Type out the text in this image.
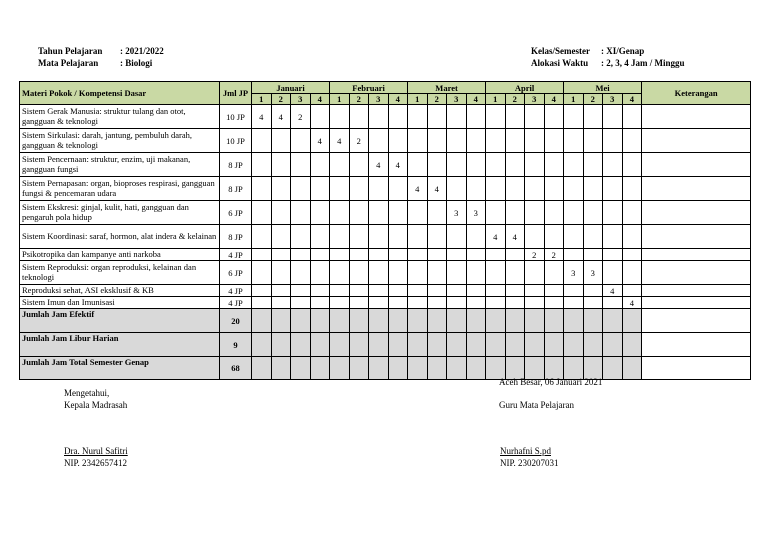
Tahun Pelajaran : 2021/2022
Mata Pelajaran : Biologi
Kelas/Semester : XI/Genap
Alokasi Waktu : 2, 3, 4 Jam / Minggu
Materi Pokok / Kompetensi Dasar	Jml JP	Januari				Februari				Maret				April				Mei				Keterangan
		1	2	3	4	1	2	3	4	1	2	3	4	1	2	3	4	1	2	3	4	
Sistem Gerak Manusia: struktur tulang dan otot, gangguan & teknologi	10 JP	4	4	2																		
Sistem Sirkulasi: darah, jantung, pembuluh darah, gangguan & teknologi	10 JP				4	4	2															
Sistem Pencernaan: struktur, enzim, uji makanan, gangguan fungsi	8 JP							4	4													
Sistem Pernapasan: organ, bioproses respirasi, gangguan fungsi & pencemaran udara	8 JP									4	4											
Sistem Ekskresi: ginjal, kulit, hati, gangguan dan pengaruh pola hidup	6 JP											3	3									
Sistem Koordinasi: saraf, hormon, alat indera & kelainan	8 JP													4	4							
Psikotropika dan kampanye anti narkoba	4 JP															2	2					
Sistem Reproduksi: organ reproduksi, kelainan dan teknologi	6 JP																	3	3			
Reproduksi sehat, ASI eksklusif & KB	4 JP																			4		
Sistem Imun dan Imunisasi	4 JP																				4	
Jumlah Jam Efektif	20																					
Jumlah Jam Libur Harian	9																					
Jumlah Jam Total Semester Genap	68																					
Mengetahui,
Kepala Madrasah
Dra. Nurul Safitri
NIP. 2342657412
Aceh Besar, 06 Januari 2021
Guru Mata Pelajaran
Nurhafni S.pd
NIP. 230207031
